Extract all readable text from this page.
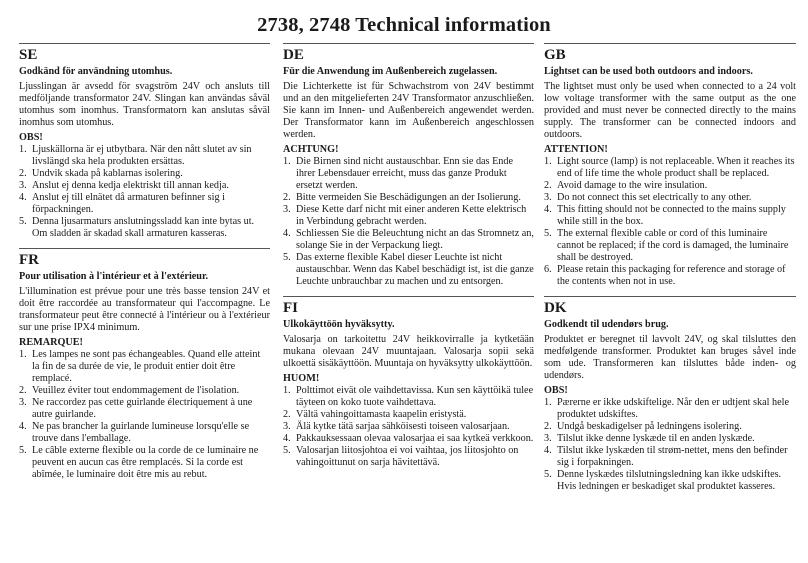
2738, 2748 Technical information
SE
Godkänd för användning utomhus.
Ljusslingan är avsedd för svagström 24V och ansluts till medföljande transformator 24V. Slingan kan användas såväl utomhus som inomhus. Transformatorn kan anslutas såväl inomhus som utomhus.
OBS!
1. Ljuskällorna är ej utbytbara. När den nått slutet av sin livslängd ska hela produkten ersättas.
2. Undvik skada på kablarnas isolering.
3. Anslut ej denna kedja elektriskt till annan kedja.
4. Anslut ej till elnätet då armaturen befinner sig i förpackningen.
5. Denna ljusarmaturs anslutningssladd kan inte bytas ut. Om sladden är skadad skall armaturen kasseras.
FR
Pour utilisation à l'intérieur et à l'extérieur.
L'illumination est prévue pour une très basse tension 24V et doit être raccordée au transformateur qui l'accompagne. Le transformateur peut être connecté à l'intérieur ou à l'extérieur sur une prise IPX4 minimum.
REMARQUE!
1. Les lampes ne sont pas échangeables. Quand elle atteint la fin de sa durée de vie, le produit entier doit être remplacé.
2. Veuillez éviter tout endommagement de l'isolation.
3. Ne raccordez pas cette guirlande électriquement à une autre guirlande.
4. Ne pas brancher la guirlande lumineuse lorsqu'elle se trouve dans l'emballage.
5. Le câble externe flexible ou la corde de ce luminaire ne peuvent en aucun cas être remplacés. Si la corde est abîmée, le luminaire doit être mis au rebut.
DE
Für die Anwendung im Außenbereich zugelassen.
Die Lichterkette ist für Schwachstrom von 24V bestimmt und an den mitgelieferten 24V Transformator anzuschließen. Sie kann im Innen- und Außenbereich angewendet werden. Der Transformator kann im Außenbereich angeschlossen werden.
ACHTUNG!
1. Die Birnen sind nicht austauschbar. Enn sie das Ende ihrer Lebensdauer erreicht, muss das ganze Produkt ersetzt werden.
2. Bitte vermeiden Sie Beschädigungen an der Isolierung.
3. Diese Kette darf nicht mit einer anderen Kette elektrisch in Verbindung gebracht werden.
4. Schliessen Sie die Beleuchtung nicht an das Stromnetz an, solange Sie in der Verpackung liegt.
5. Das externe flexible Kabel dieser Leuchte ist nicht austauschbar. Wenn das Kabel beschädigt ist, ist die ganze Leuchte unbrauchbar zu machen und zu entsorgen.
FI
Ulkokäyttöön hyväksytty.
Valosarja on tarkoitettu 24V heikkovirralle ja kytketään mukana olevaan 24V muuntajaan. Valosarja sopii sekä ulkoettä sisäkäyttöön. Muuntaja on hyväksytty ulkokäyttöön.
HUOM!
1. Polttimot eivät ole vaihdettavissa. Kun sen käyttöikä tulee täyteen on koko tuote vaihdettava.
2. Vältä vahingoittamasta kaapelin eristystä.
3. Älä kytke tätä sarjaa sähköisesti toiseen valosarjaan.
4. Pakkauksessaan olevaa valosarjaa ei saa kytkeä verkkoon.
5. Valosarjan liitosjohtoa ei voi vaihtaa, jos liitosjohto on vahingoittunut on sarja hävitettävä.
GB
Lightset can be used both outdoors and indoors.
The lightset must only be used when connected to a 24 volt low voltage transformer with the same output as the one provided and must never be connected directly to the mains supply. The transformer can be connected indoors and outdoors.
ATTENTION!
1. Light source (lamp) is not replaceable. When it reaches its end of life time the whole product shall be replaced.
2. Avoid damage to the wire insulation.
3. Do not connect this set electrically to any other.
4. This fitting should not be connected to the mains supply while still in the box.
5. The external flexible cable or cord of this luminaire cannot be replaced; if the cord is damaged, the luminaire shall be destroyed.
6. Please retain this packaging for reference and storage of the contents when not in use.
DK
Godkendt til udendørs brug.
Produktet er beregnet til lavvolt 24V, og skal tilsluttes den medfølgende transformer. Produktet kan bruges såvel inde som ude. Transformeren kan tilsluttes både inden- og udendørs.
OBS!
1. Pærerne er ikke udskiftelige. Når den er udtjent skal hele produktet udskiftes.
2. Undgå beskadigelser på ledningens isolering.
3. Tilslut ikke denne lyskæde til en anden lyskæde.
4. Tilslut ikke lyskæden til strøm-nettet, mens den befinder sig i forpakningen.
5. Denne lyskædes tilslutningsledning kan ikke udskiftes. Hvis ledningen er beskadiget skal produktet kasseres.
